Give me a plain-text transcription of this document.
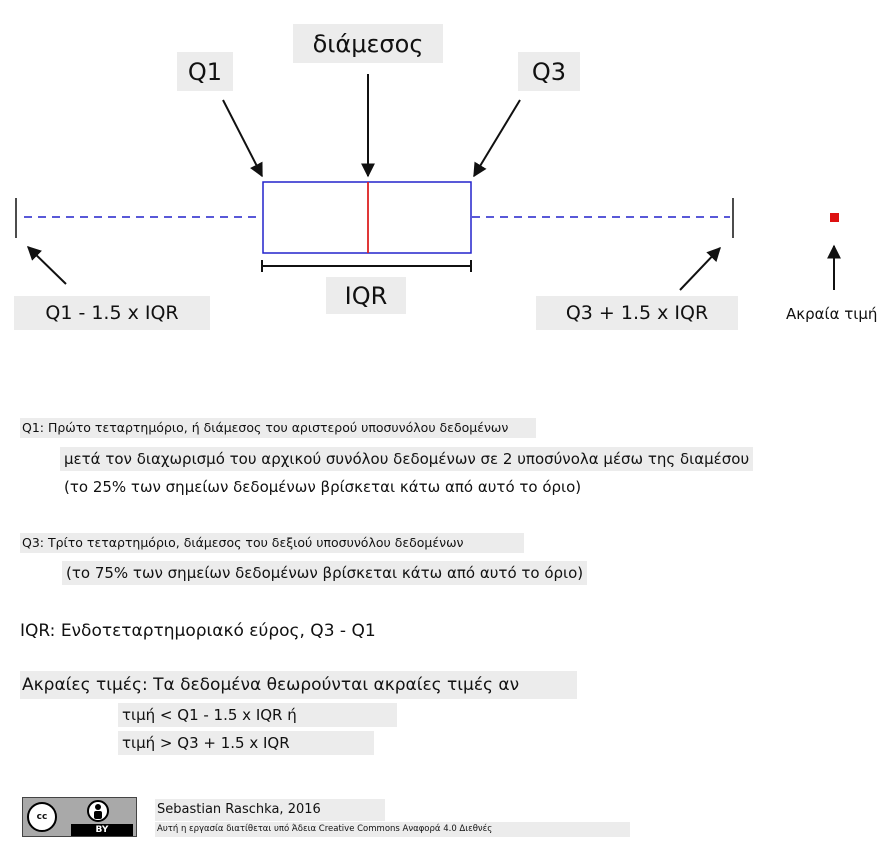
διάμεσος
Q1	Q3
IQR
Q1 - 1.5 x IQR	Q3 + 1.5 x IQR	Ακραία τιμή
Q1: Πρώτο τεταρτημόριο, ή διάμεσος του αριστερού υποσυνόλου δεδομένων
μετά τον διαχωρισμό του αρχικού συνόλου δεδομένων σε 2 υποσύνολα μέσω της διαμέσου
(το 25% των σημείων δεδομένων βρίσκεται κάτω από αυτό το όριο)
Q3: Τρίτο τεταρτημόριο, διάμεσος του δεξιού υποσυνόλου δεδομένων
(το 75% των σημείων δεδομένων βρίσκεται κάτω από αυτό το όριο)
IQR: Ενδοτεταρτημοριακό εύρος, Q3 - Q1
Ακραίες τιμές: Τα δεδομένα θεωρούνται ακραίες τιμές αν
τιμή < Q1 - 1.5 x IQR ή
τιμή > Q3 + 1.5 x IQR
cc
BY
Sebastian Raschka, 2016
Αυτή η εργασία διατίθεται υπό Άδεια Creative Commons Αναφορά 4.0 Διεθνές
